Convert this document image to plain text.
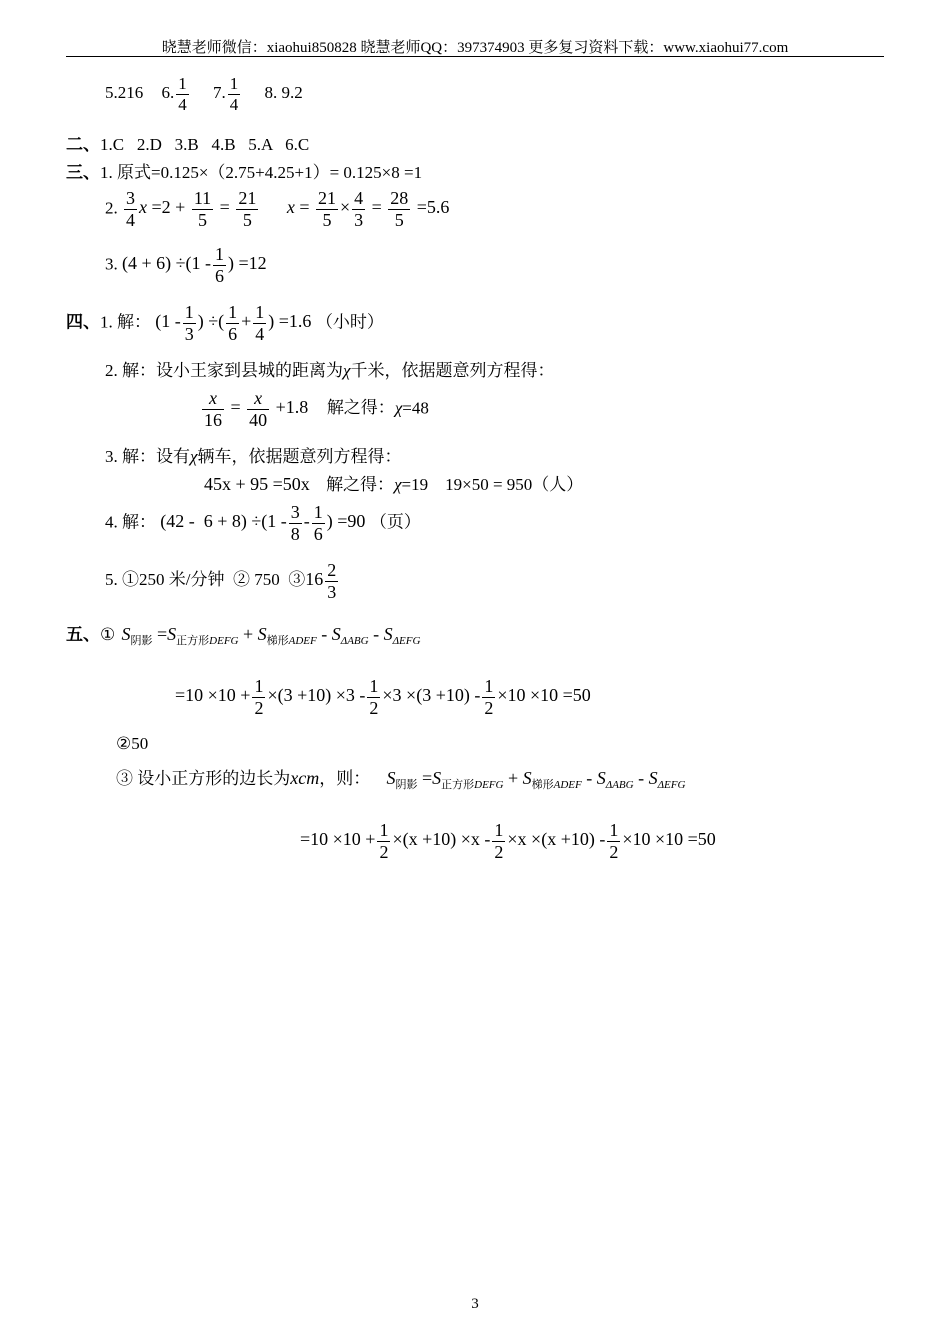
晓慧老师微信：xiaohui850828 晓慧老师QQ：397374903 更多复习资料下载：www.xiaohui77.com
5.216 6. $\frac{1}{4} 7$. $\frac{1}{4} 8$. 9.2
二、1.C   2.D   3.B   4.B   5.A   6.C
三、1. 原式=0.125×（2.75+4.25+1）= 0.125×8 =1
2. $\frac{3}{4}$ $x =2 + \frac{11}{5} = \frac{21}{5}$ $x = \frac{21}{5} \times \frac{4}{3} = \frac{28}{5} =5.6$
3. $(4 + 6) \div(1 - \frac{1}{6}$ ) =12
四、1. 解： ($1 - \frac{1}{3}$ ) ÷( $\frac{1}{6} + \frac{1}{4}$ ) =1.6 （小时）
2. 解：设小王家到县城的距离为χ千米，依据题意列方程得：
$\frac{x}{16} = \frac{x}{40} +1.8$ 解之得：χ=48
3. 解：设有χ辆车，依据题意列方程得：
45x + 95 =50x 解之得：χ=19    19×50 = 950（人）
4. 解： $(42 - 6 + 8) \div(1 - \frac{3}{8} - \frac{1}{6}$ ) =90 （页）
5. ①250 米/分钟  ② 750  ③16 $\frac{2}{3}$
五、① $S_{阴影} =S_{正方形DEFG} + S_{梯形ADEF} - S_{\Delta ABG} - S_{\Delta EFG}$
$=10 \times 10 + \frac{1}{2} \times(3 +10) \times 3 - \frac{1}{2} \times 3 \times(3 +10) - \frac{1}{2} \times 10 \times 10 =50$
②50
③ 设小正方形的边长为xcm，则： $S_{阴影} =S_{正方形DEFG} + S_{梯形ADEF} - S_{\Delta ABG} - S_{\Delta EFG}$
$=10 \times 10 + \frac{1}{2} \times(x +10) \times x - \frac{1}{2} \times x \times(x +10) - \frac{1}{2} \times 10 \times 10 =50$
3
